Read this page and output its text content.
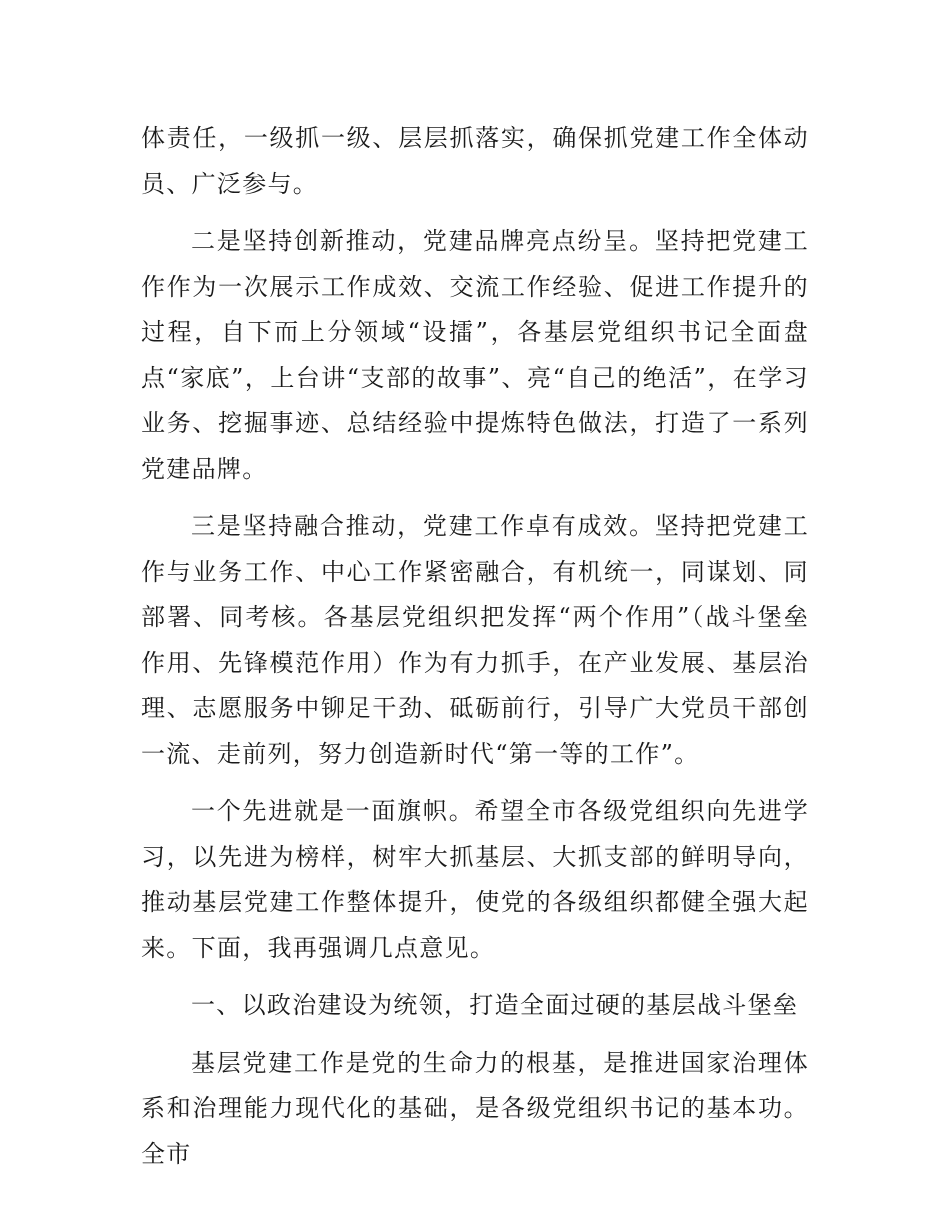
体责任，一级抓一级、层层抓落实，确保抓党建工作全体动员、广泛参与。

二是坚持创新推动，党建品牌亮点纷呈。坚持把党建工作作为一次展示工作成效、交流工作经验、促进工作提升的过程，自下而上分领域“设擂”，各基层党组织书记全面盘点“家底”，上台讲“支部的故事”、亮“自己的绝活”，在学习业务、挖掘事迹、总结经验中提炼特色做法，打造了一系列党建品牌。

三是坚持融合推动，党建工作卓有成效。坚持把党建工作与业务工作、中心工作紧密融合，有机统一，同谋划、同部署、同考核。各基层党组织把发挥“两个作用”（战斗堡垒作用、先锋模范作用）作为有力抓手，在产业发展、基层治理、志愿服务中铆足干劲、砥砺前行，引导广大党员干部创一流、走前列，努力创造新时代“第一等的工作”。

一个先进就是一面旗帜。希望全市各级党组织向先进学习，以先进为榜样，树牢大抓基层、大抓支部的鲜明导向，推动基层党建工作整体提升，使党的各级组织都健全强大起来。下面，我再强调几点意见。

一、以政治建设为统领，打造全面过硬的基层战斗堡垒

基层党建工作是党的生命力的根基，是推进国家治理体系和治理能力现代化的基础，是各级党组织书记的基本功。全市
